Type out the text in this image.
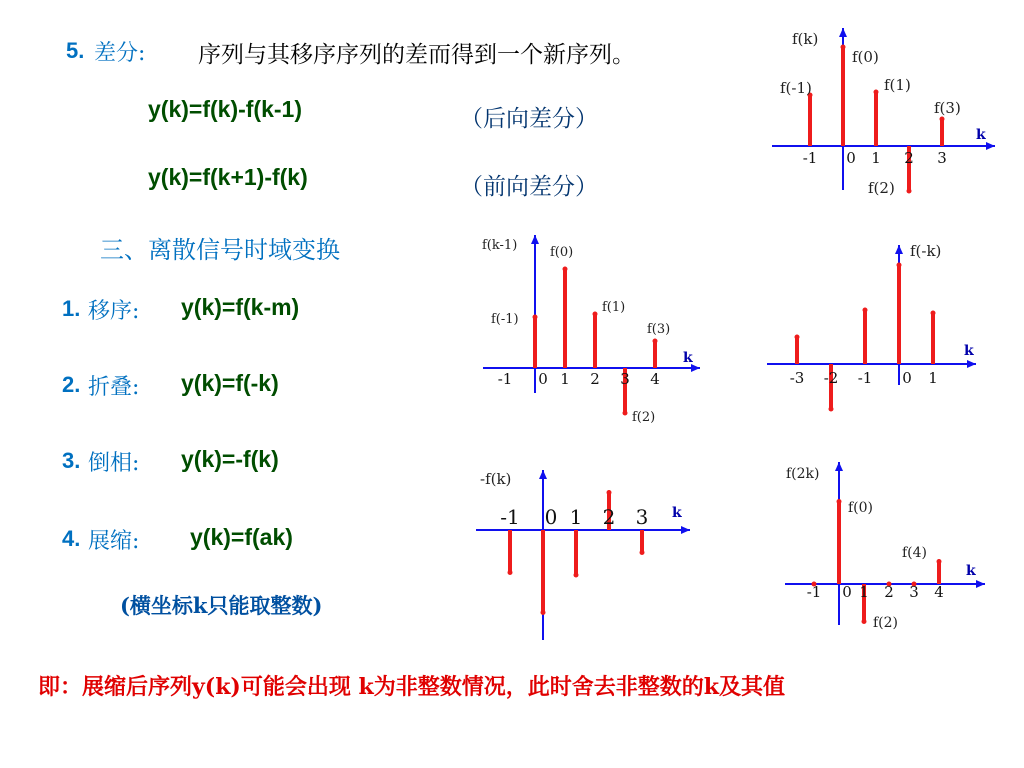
5. 差分: 序列与其移序序列的差而得到一个新序列。
y(k)=f(k)-f(k-1)	（后向差分）
y(k)=f(k+1)-f(k)	（前向差分）
三、离散信号时域变换
1. 移序: y(k)=f(k-m)
2. 折叠: y(k)=f(-k)
3. 倒相: y(k)=-f(k)
4. 展缩: y(k)=f(ak)
(横坐标k只能取整数)
即：展缩后序列y(k)可能会出现 k为非整数情况，此时舍去非整数的k及其值
f(k)
k
-1 0 1 2 3
f(-1)
f(0)
f(1)
f(2)
f(3)
f(k-1)
k
-1 0 1 2 3 4
f(-1)
f(0)
f(1)
f(2)
f(3)
f(-k)
k
-3 -2 -1 0 1
-f(k)
k
-1 0 1 2 3
f(2k)
k
-1 0 1 2 3 4
f(0)
f(4)
f(2)
